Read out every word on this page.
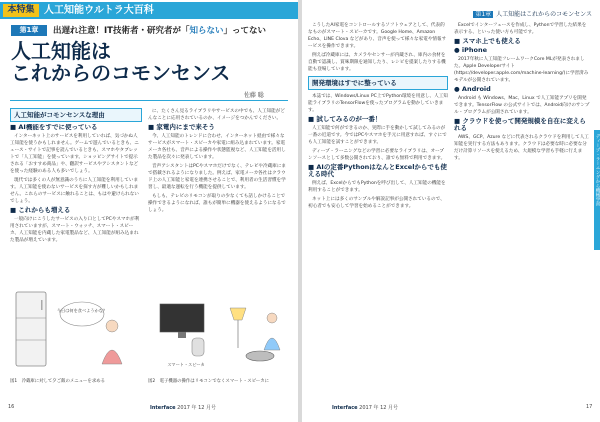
本特集 人工知能ウルトラ大百科
第1章	出遅れ注意！IT技術者・研究者が「知らない」ってない
人工知能は
これからのコモンセンス
佐藤 聡
人工知能がコモンセンスな理由

■ AI機能をすでに使っている

インターネット上のサービスを利用していれば、気づかぬ人工知能を使うかもしれません。ゲームで遊んでいるときも、ニュース・サイトで記事を読んでいるときも、スマホやタブレットで「人工知能」を使っています。ショッピングサイトで提示される「おすすめ商品」や、翻訳サービスやアシスタントなどを使った経験のある人も多いでしょう。

現代では多くの人が無意識のうちに人工知能を利用しています。人工知能を使わないサービスを探す方が難しいかもしれません。これらのサービスに触れることは、もはや避けられないでしょう。

■ これからも増える

一般向けにこうしたサービスの入り口としてPCやスマホが利用されていますが、スマート・ウォッチ、スマート・スピーカ、人工知能を内蔵した家電製品など、人工知能が組み込まれた製品が増えています。

に、たくさん見るライブラリやサービスの中でも、人工知能がどんなことに応用されているのか、イメージをつかんでください。

■ 家電内にまで来そう

今、人工知能のトレンドに合わせ、インターネット経由で様々なサービスがスマート・スピーカや家電に組み込まれています。家電メーカ各社も、音声による操作や状態監視など、人工知能を活用した製品を次々に発表しています。

音声アシスタントはPCやスマホだけでなく、テレビや冷蔵庫にまで搭載されるようになりました。例えば、家電メーカ各社はクラウド上の人工知能と家電を連携させることで、利用者の生活習慣を学習し、最適な運転を行う機能を提供しています。

もしも、テレビのリモコンが取りの少なくても話しかけることで操作できるようになれば、誰もが簡単に機器を使えるようになるでしょう。

今日は何を食べようかな？
スマート・スピーカ
図1　冷蔵庫に対して夕ご飯のメニューを求める	図2　電子機器の操作はリモコンでなくスマート・スピーカに
16	Interface 2017 年 12 月号
第1章 人工知能はこれからのコモンセンス

こうしたAI家電をコントロールするソフトウェアとして、代表的なものがスマート・スピーカです。Google Home、Amazon Echo、LINE Clova などがあり、音声を使って様々な家電や情報サービスを操作できます。

例えば冷蔵庫には、カメラやセンサーが内蔵され、庫内の食材を自動で認識し、賞味期限を通知したり、レシピを提案したりする機能も登場しています。

開発環境はすでに整っている

本誌では、Windows/Linux PC上でPython環境を用意し、人工知能ライブラリのTensorFlowを使ったプログラムを動かしていきます。

■ 試してみるのが一番！

人工知能で何ができるのか、実際に手を動かして試してみるのが一番の近道です。今ではPCやスマホを手元に用意すれば、すぐにでも人工知能を試すことができます。

ディープ・ラーニングなどの学習に必要なライブラリは、オープンソースとして多数公開されており、誰でも無料で利用できます。

■ AIの定番PythonはなんとExcelからでも使える時代

例えば、ExcelからでもPythonを呼び出して、人工知能の機能を利用することができます。

ネット上には多くのサンプルや解説記事が公開されているので、初心者でも安心して学習を始めることができます。

Excelでインターフェースを作成し、Pythonで学習した結果を表示する、といった使い方も可能です。

■ スマホ上でも使える

● iPhone

2017年秋に人工知能フレームワークCore MLが発表されました。Apple Developerサイト(https://developer.apple.com/machine-learning/)に学習済みモデルが公開されています。

● Android

Android も Windows、Mac、Linux で人工知能アプリを開発できます。TensorFlow の公式サイトでは、Android向けのサンプル・プログラムが公開されています。

■ クラウドを使って開発規模を自在に変えられる

AWS、GCP、Azure などに代表されるクラウドを利用して人工知能を実行する方法もあります。クラウドは必要な時に必要な分だけ計算リソースを使えるため、大規模な学習も手軽に行えます。	ディープ・ラーニングから機械学習
Interface 2017 年 12 月号	17
